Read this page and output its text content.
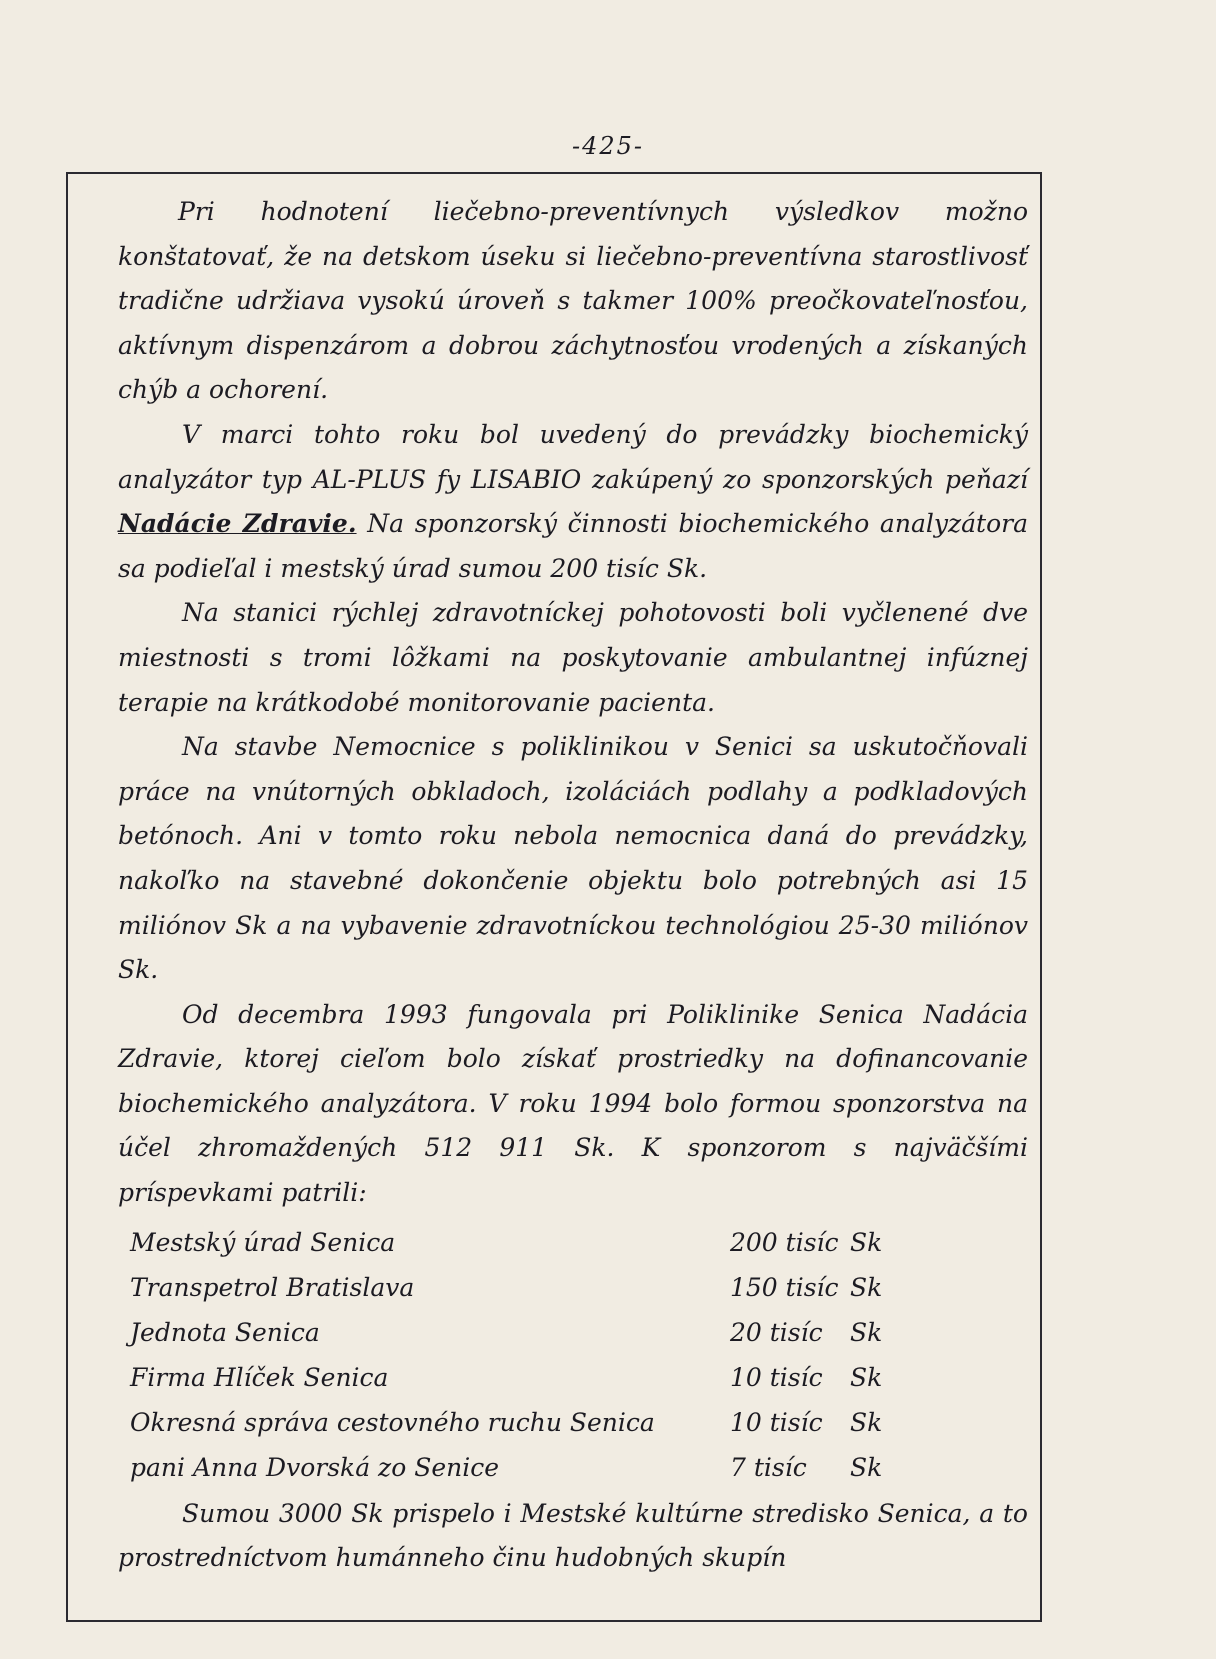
-425-

Pri hodnotení liečebno-preventívnych výsledkov možno konštatovať, že na detskom úseku si liečebno-preventívna starostlivosť tradične udržiava vysokú úroveň s takmer 100% preočkovateľnosťou, aktívnym dispenzárom a dobrou záchytnosťou vrodených a získaných chýb a ochorení.

V marci tohto roku bol uvedený do prevádzky biochemický analyzátor typ AL-PLUS fy LISABIO zakúpený zo sponzorských peňazí Nadácie Zdravie. Na sponzorský činnosti biochemického analyzátora sa podieľal i mestský úrad sumou 200 tisíc Sk.

Na stanici rýchlej zdravotníckej pohotovosti boli vyčlenené dve miestnosti s tromi lôžkami na poskytovanie ambulantnej infúznej terapie na krátkodobé monitorovanie pacienta.

Na stavbe Nemocnice s poliklinikou v Senici sa uskutočňovali práce na vnútorných obkladoch, izoláciách podlahy a podkladových betónoch. Ani v tomto roku nebola nemocnica daná do prevádzky, nakoľko na stavebné dokončenie objektu bolo potrebných asi 15 miliónov Sk a na vybavenie zdravotníckou technológiou 25-30 miliónov Sk.

Od decembra 1993 fungovala pri Poliklinike Senica Nadácia Zdravie, ktorej cieľom bolo získať prostriedky na dofinancovanie biochemického analyzátora. V roku 1994 bolo formou sponzorstva na účel zhromaždených 512 911 Sk. K sponzorom s najväčšími príspevkami patrili:

Mestský úrad Senica	200 tisíc Sk
Transpetrol Bratislava	150 tisíc Sk
Jednota Senica	20 tisíc	Sk
Firma Hlíček Senica	10 tisíc	Sk
Okresná správa cestovného ruchu Senica	10 tisíc	Sk
pani Anna Dvorská zo Senice	7 tisíc	Sk

Sumou 3000 Sk prispelo i Mestské kultúrne stredisko Senica, a to prostredníctvom humánneho činu hudobných skupín
